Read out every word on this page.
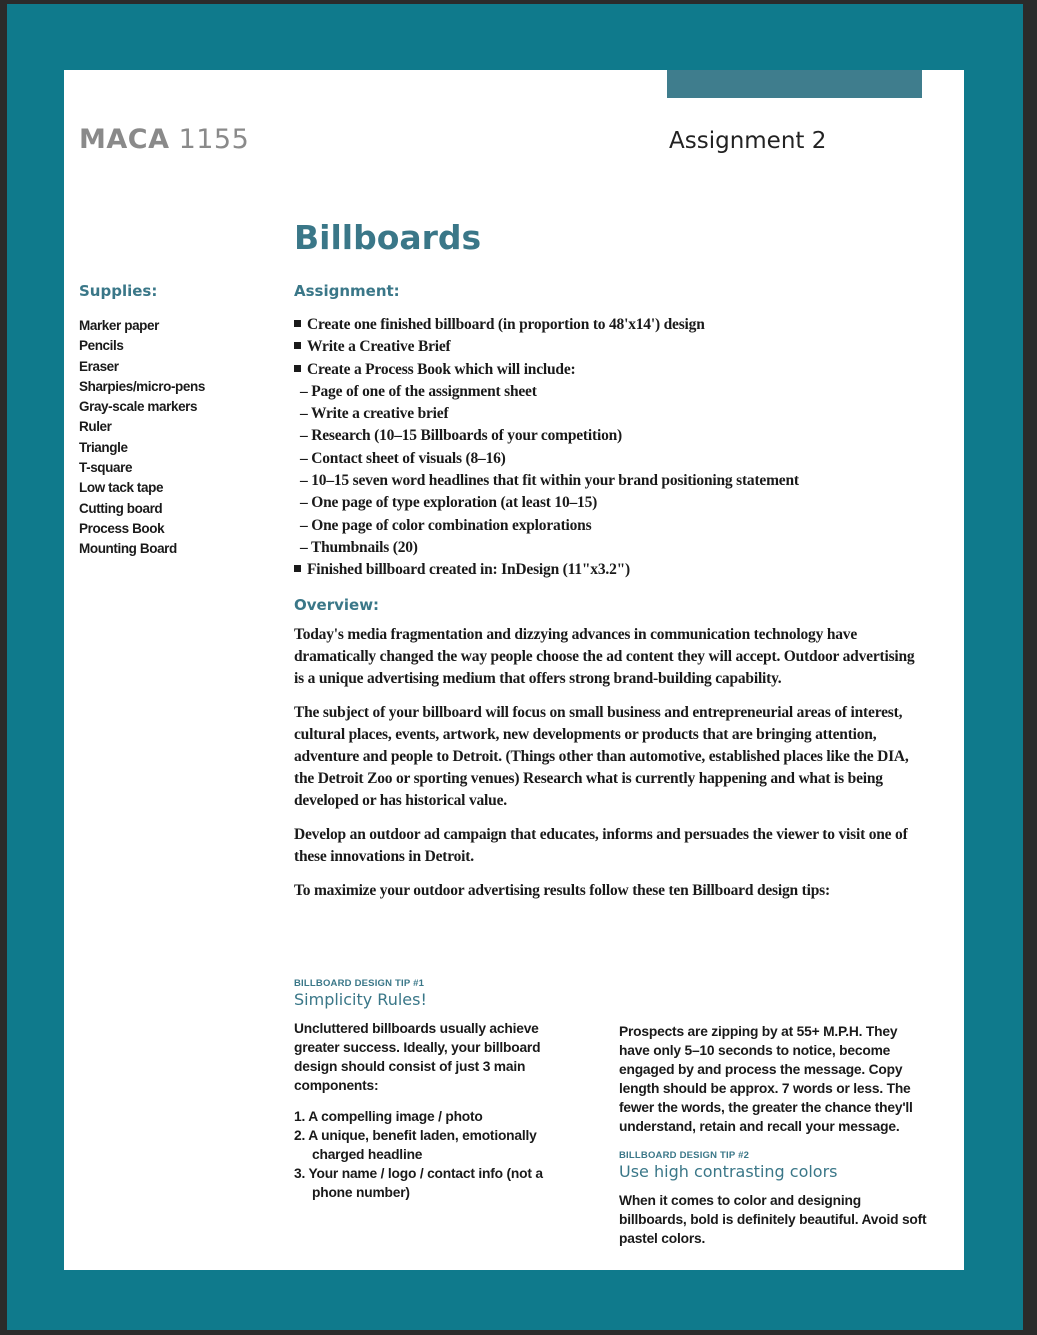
MACA 1155	Assignment 2
Billboards
Supplies:
Marker paper
Pencils
Eraser
Sharpies/micro-pens
Gray-scale markers
Ruler
Triangle
T-square
Low tack tape
Cutting board
Process Book
Mounting Board
Assignment:
Create one finished billboard (in proportion to 48'x14') design
Write a Creative Brief
Create a Process Book which will include:
– Page of one of the assignment sheet
– Write a creative brief
– Research (10–15 Billboards of your competition)
– Contact sheet of visuals (8–16)
– 10–15 seven word headlines that fit within your brand positioning statement
– One page of type exploration (at least 10–15)
– One page of color combination explorations
– Thumbnails (20)
Finished billboard created in: InDesign (11"x3.2")
Overview:

Today's media fragmentation and dizzying advances in communication technology have dramatically changed the way people choose the ad content they will accept. Outdoor advertising is a unique advertising medium that offers strong brand-building capability.

The subject of your billboard will focus on small business and entrepreneurial areas of interest, cultural places, events, artwork, new developments or products that are bringing attention, adventure and people to Detroit. (Things other than automotive, established places like the DIA, the Detroit Zoo or sporting venues) Research what is currently happening and what is being developed or has historical value.

Develop an outdoor ad campaign that educates, informs and persuades the viewer to visit one of these innovations in Detroit.

To maximize your outdoor advertising results follow these ten Billboard design tips:

BILLBOARD DESIGN TIP #1
Simplicity Rules!

Uncluttered billboards usually achieve greater success. Ideally, your billboard design should consist of just 3 main components:

1. A compelling image / photo
2. A unique, benefit laden, emotionally charged headline
3. Your name / logo / contact info (not a phone number)

Prospects are zipping by at 55+ M.P.H. They have only 5–10 seconds to notice, become engaged by and process the message. Copy length should be approx. 7 words or less. The fewer the words, the greater the chance they'll understand, retain and recall your message.

BILLBOARD DESIGN TIP #2
Use high contrasting colors

When it comes to color and designing billboards, bold is definitely beautiful. Avoid soft pastel colors.
